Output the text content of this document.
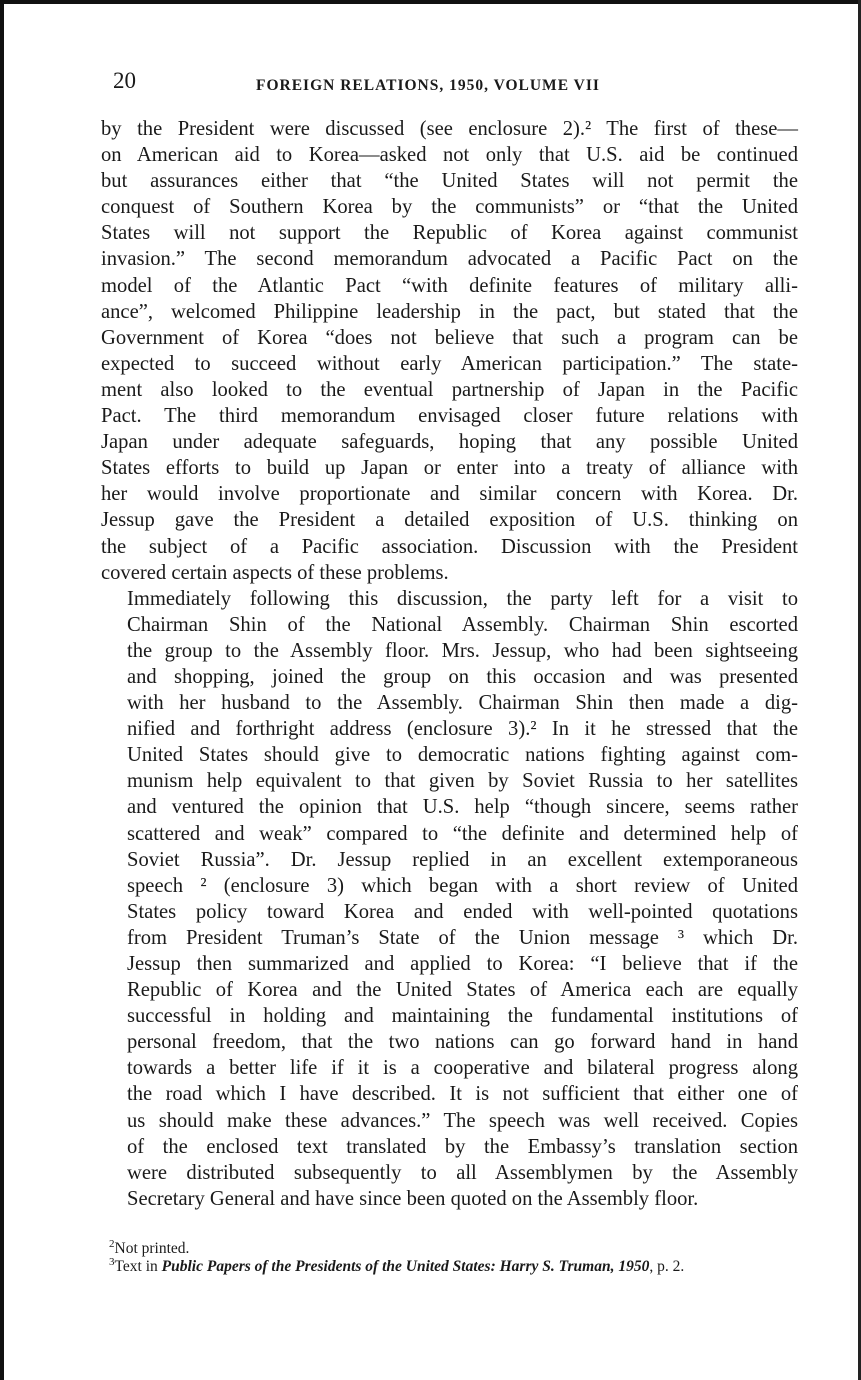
20	FOREIGN RELATIONS, 1950, VOLUME VII

by the President were discussed (see enclosure 2).² The first of these—
on American aid to Korea—asked not only that U.S. aid be continued
but assurances either that “the United States will not permit the
conquest of Southern Korea by the communists” or “that the United
States will not support the Republic of Korea against communist
invasion.” The second memorandum advocated a Pacific Pact on the
model of the Atlantic Pact “with definite features of military alli-
ance”, welcomed Philippine leadership in the pact, but stated that the
Government of Korea “does not believe that such a program can be
expected to succeed without early American participation.” The state-
ment also looked to the eventual partnership of Japan in the Pacific
Pact. The third memorandum envisaged closer future relations with
Japan under adequate safeguards, hoping that any possible United
States efforts to build up Japan or enter into a treaty of alliance with
her would involve proportionate and similar concern with Korea. Dr.
Jessup gave the President a detailed exposition of U.S. thinking on
the subject of a Pacific association. Discussion with the President
covered certain aspects of these problems.

Immediately following this discussion, the party left for a visit to
Chairman Shin of the National Assembly. Chairman Shin escorted
the group to the Assembly floor. Mrs. Jessup, who had been sightseeing
and shopping, joined the group on this occasion and was presented
with her husband to the Assembly. Chairman Shin then made a dig-
nified and forthright address (enclosure 3).² In it he stressed that the
United States should give to democratic nations fighting against com-
munism help equivalent to that given by Soviet Russia to her satellites
and ventured the opinion that U.S. help “though sincere, seems rather
scattered and weak” compared to “the definite and determined help of
Soviet Russia”. Dr. Jessup replied in an excellent extemporaneous
speech ² (enclosure 3) which began with a short review of United
States policy toward Korea and ended with well-pointed quotations
from President Truman’s State of the Union message ³ which Dr.
Jessup then summarized and applied to Korea: “I believe that if the
Republic of Korea and the United States of America each are equally
successful in holding and maintaining the fundamental institutions of
personal freedom, that the two nations can go forward hand in hand
towards a better life if it is a cooperative and bilateral progress along
the road which I have described. It is not sufficient that either one of
us should make these advances.” The speech was well received. Copies
of the enclosed text translated by the Embassy’s translation section
were distributed subsequently to all Assemblymen by the Assembly
Secretary General and have since been quoted on the Assembly floor.

$^2$Not printed.

$^3$Text in Public Papers of the Presidents of the United States: Harry S. Truman, 1950, p. 2.
